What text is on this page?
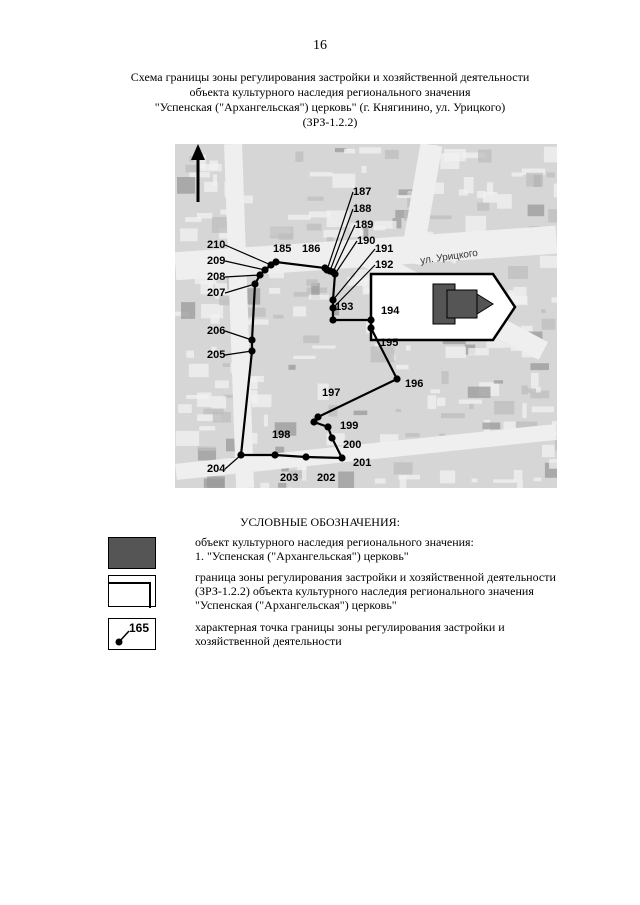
16
Схема границы зоны регулирования застройки и хозяйственной деятельности
объекта культурного наследия регионального значения
"Успенская ("Архангельская") церковь" (г. Княгинино, ул. Урицкого)
(ЗРЗ-1.2.2)
ул. Урицкого
185 186
187
188
189
190
191
192
193	194
195
196
197
198
199
200
201
202
203
204
205
206
207
208
209
210
УСЛОВНЫЕ ОБОЗНАЧЕНИЯ:
объект культурного наследия регионального значения:
1. "Успенская ("Архангельская") церковь"
граница зоны регулирования застройки и хозяйственной деятельности
(ЗРЗ-1.2.2) объекта культурного наследия регионального значения
"Успенская ("Архангельская") церковь"
165	характерная точка границы зоны регулирования застройки и
хозяйственной деятельности
